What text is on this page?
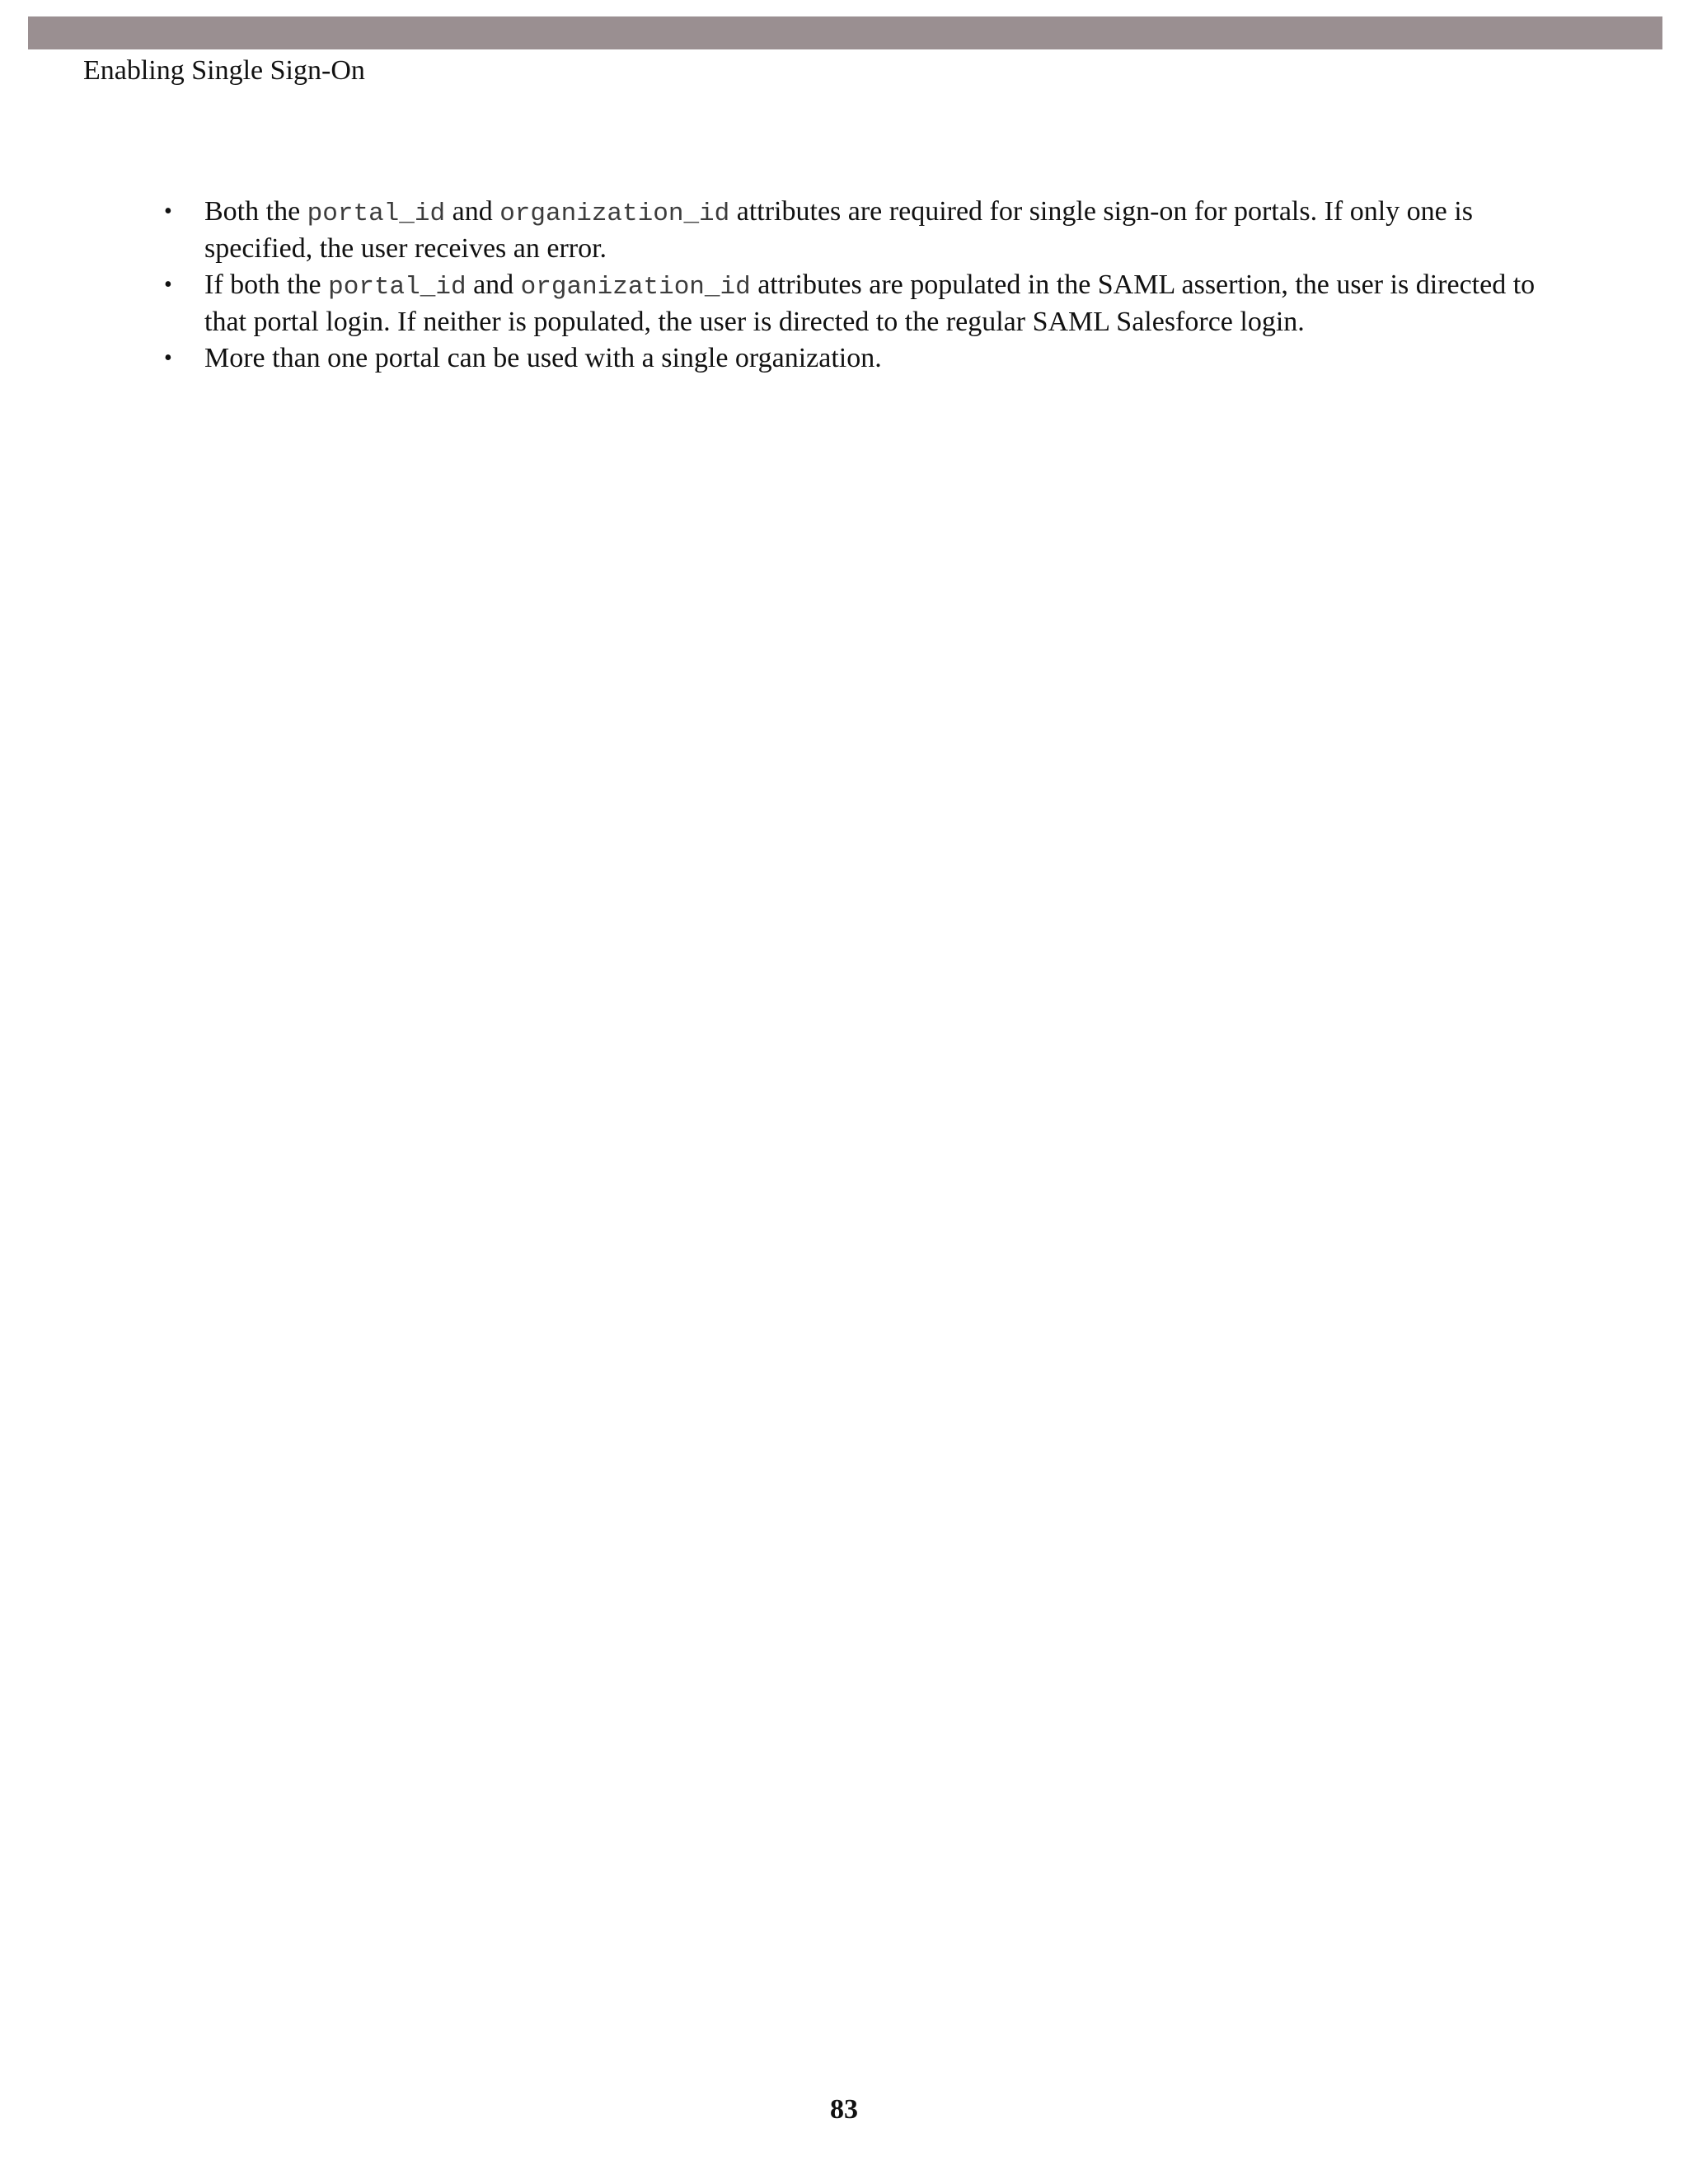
Enabling Single Sign-On
• Both the portal_id and organization_id attributes are required for single sign-on for portals. If only one is specified, the user receives an error.
• If both the portal_id and organization_id attributes are populated in the SAML assertion, the user is directed to that portal login. If neither is populated, the user is directed to the regular SAML Salesforce login.
• More than one portal can be used with a single organization.
83
